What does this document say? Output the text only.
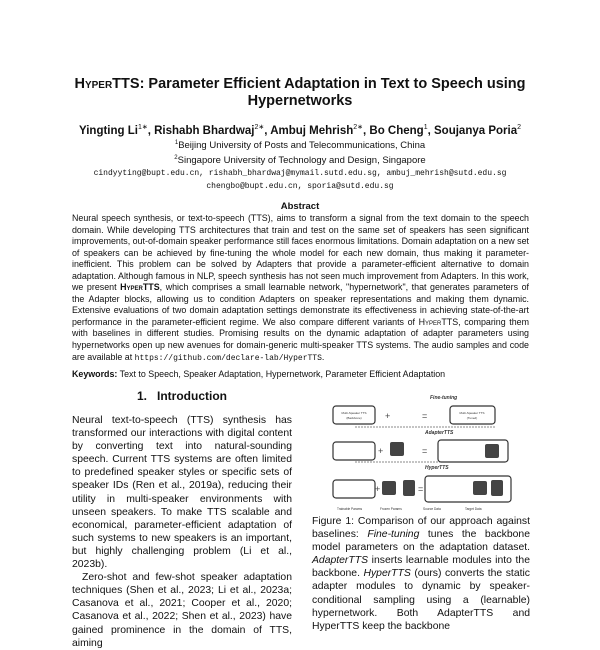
HyperTTS: Parameter Efficient Adaptation in Text to Speech using Hypernetworks
Yingting $Li^{1∗}$, Rishabh Bhardwaj$^{2∗}$, Ambuj Mehrish$^{2∗}$, Bo Cheng$^1$, Soujanya Poria$^2$
$^1$Beijing University of Posts and Telecommunications, China
$^2$Singapore University of Technology and Design, Singapore
cindyyting@bupt.edu.cn, rishabh_bhardwaj@mymail.sutd.edu.sg, ambuj_mehrish@sutd.edu.sg
chengbo@bupt.edu.cn, sporia@sutd.edu.sg
Abstract
Neural speech synthesis, or text-to-speech (TTS), aims to transform a signal from the text domain to the speech domain. While developing TTS architectures that train and test on the same set of speakers has seen significant improvements, out-of-domain speaker performance still faces enormous limitations. Domain adaptation on a new set of speakers can be achieved by fine-tuning the whole model for each new domain, thus making it parameter-inefficient. This problem can be solved by Adapters that provide a parameter-efficient alternative to domain adaptation. Although famous in NLP, speech synthesis has not seen much improvement from Adapters. In this work, we present HyperTTS, which comprises a small learnable network, "hypernetwork", that generates parameters of the Adapter blocks, allowing us to condition Adapters on speaker representations and making them dynamic. Extensive evaluations of two domain adaptation settings demonstrate its effectiveness in achieving state-of-the-art performance in the parameter-efficient regime. We also compare different variants of HyperTTS, comparing them with baselines in different studies. Promising results on the dynamic adaptation of adapter parameters using hypernetworks open up new avenues for domain-generic multi-speaker TTS systems. The audio samples and code are available at https://github.com/declare-lab/HyperTTS.
Keywords: Text to Speech, Speaker Adaptation, Hypernetwork, Parameter Efficient Adaptation
1.   Introduction

Neural text-to-speech (TTS) synthesis has transformed our interactions with digital content by converting text into natural-sounding speech. Current TTS systems are often limited to predefined speaker styles or specific sets of speaker IDs (Ren et al., 2019a), reducing their utility in multi-speaker environments with unseen speakers. To make TTS scalable and economical, parameter-efficient adaptation of such systems to new speakers is an important, but highly challenging problem (Li et al., 2023b).

Zero-shot and few-shot speaker adaptation techniques (Shen et al., 2023; Li et al., 2023a; Casanova et al., 2021; Cooper et al., 2020; Casanova et al., 2022; Shen et al., 2023) have gained prominence in the domain of TTS, aiming

Fine-tuning
AdapterTTS
HyperTTS
+
+
+
=
=
=
Multi-Speaker TTS
(Backbone)
Multi-Speaker TTS
(Tuned)
Trainable Params	Frozen Params	Source Data	Target Data
Figure 1: Comparison of our approach against baselines: Fine-tuning tunes the backbone model parameters on the adaptation dataset. AdapterTTS inserts learnable modules into the backbone. HyperTTS (ours) converts the static adapter modules to dynamic by speaker-conditional sampling using a (learnable) hypernetwork. Both AdapterTTS and HyperTTS keep the backbone
